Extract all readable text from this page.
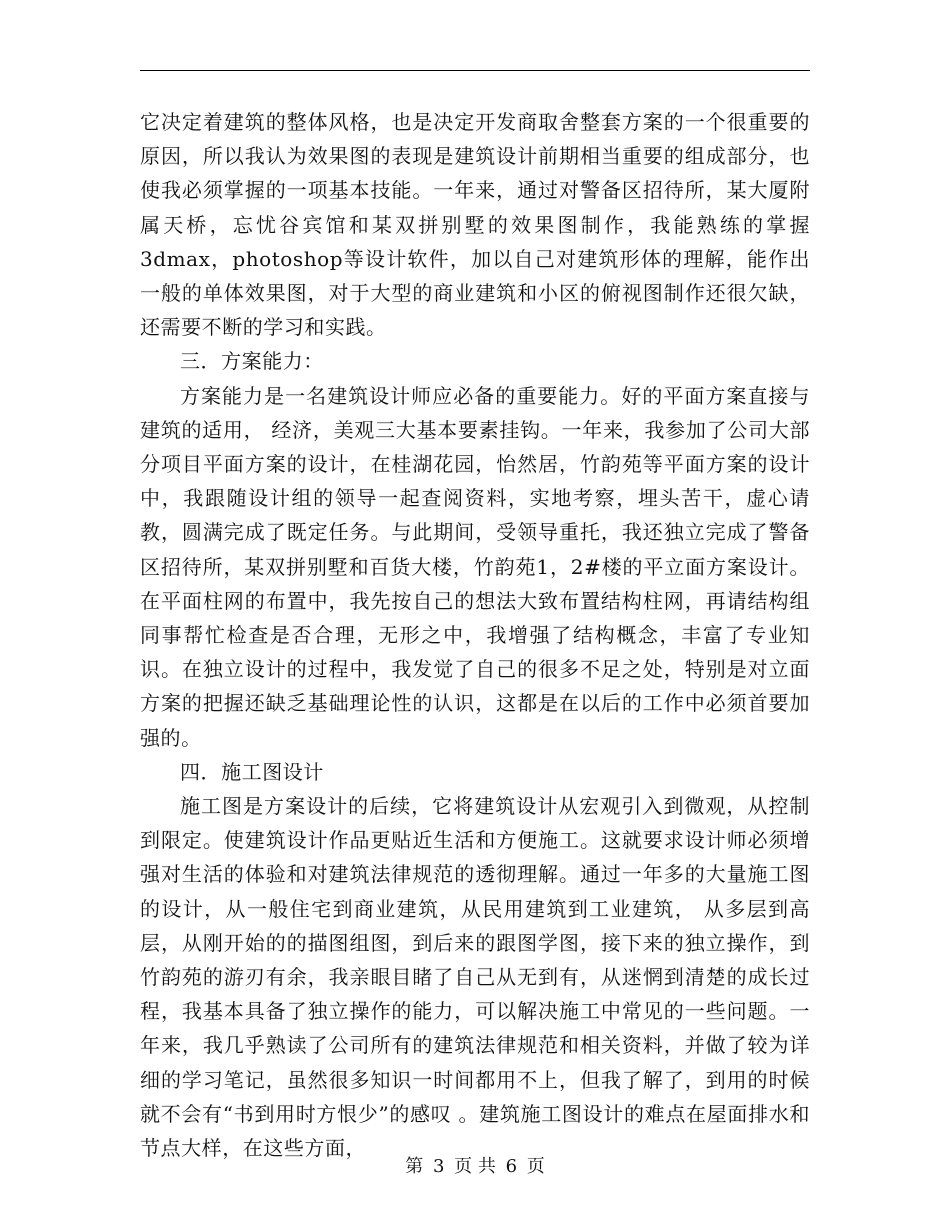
它决定着建筑的整体风格，也是决定开发商取舍整套方案的一个很重要的原因，所以我认为效果图的表现是建筑设计前期相当重要的组成部分，也使我必须掌握的一项基本技能。一年来，通过对警备区招待所，某大厦附属天桥，忘忧谷宾馆和某双拼别墅的效果图制作，我能熟练的掌握3dmax，photoshop等设计软件，加以自己对建筑形体的理解，能作出一般的单体效果图，对于大型的商业建筑和小区的俯视图制作还很欠缺，还需要不断的学习和实践。

三．方案能力：

方案能力是一名建筑设计师应必备的重要能力。好的平面方案直接与建筑的适用， 经济，美观三大基本要素挂钩。一年来，我参加了公司大部分项目平面方案的设计，在桂湖花园，怡然居，竹韵苑等平面方案的设计中，我跟随设计组的领导一起查阅资料，实地考察，埋头苦干，虚心请教，圆满完成了既定任务。与此期间，受领导重托，我还独立完成了警备区招待所，某双拼别墅和百货大楼，竹韵苑1，2#楼的平立面方案设计。 在平面柱网的布置中，我先按自己的想法大致布置结构柱网，再请结构组同事帮忙检查是否合理，无形之中，我增强了结构概念，丰富了专业知识。在独立设计的过程中，我发觉了自己的很多不足之处，特别是对立面方案的把握还缺乏基础理论性的认识，这都是在以后的工作中必须首要加强的。

四．施工图设计

施工图是方案设计的后续，它将建筑设计从宏观引入到微观，从控制到限定。使建筑设计作品更贴近生活和方便施工。这就要求设计师必须增强对生活的体验和对建筑法律规范的透彻理解。通过一年多的大量施工图的设计，从一般住宅到商业建筑，从民用建筑到工业建筑， 从多层到高层，从刚开始的的描图组图，到后来的跟图学图，接下来的独立操作，到竹韵苑的游刃有余，我亲眼目睹了自己从无到有，从迷惘到清楚的成长过程，我基本具备了独立操作的能力，可以解决施工中常见的一些问题。一年来，我几乎熟读了公司所有的建筑法律规范和相关资料，并做了较为详细的学习笔记，虽然很多知识一时间都用不上，但我了解了，到用的时候就不会有“书到用时方恨少”的感叹 。建筑施工图设计的难点在屋面排水和节点大样，在这些方面，

第 3 页 共 6 页
